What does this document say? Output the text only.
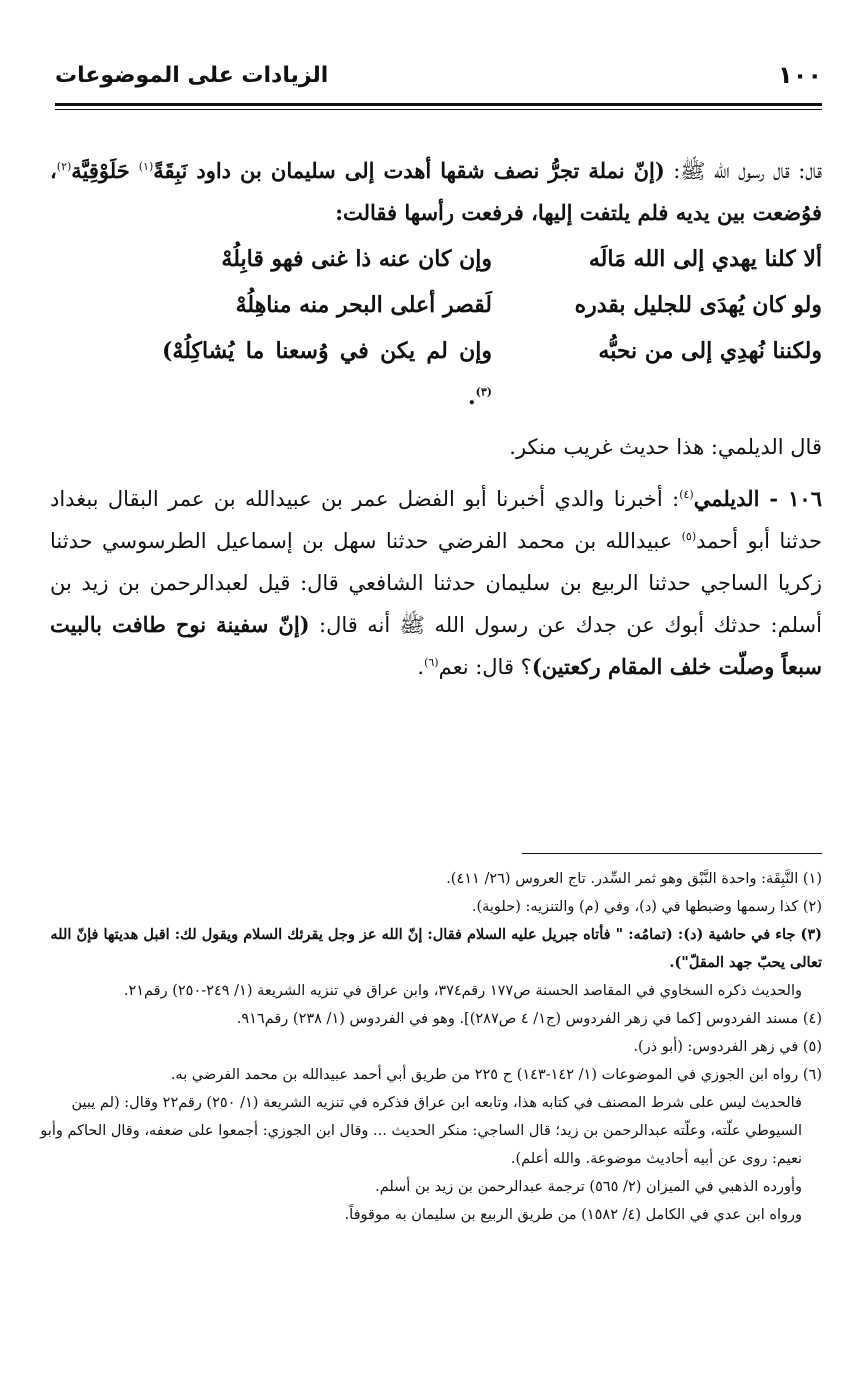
١٠٠
الزيادات على الموضوعات

قال: قال رسول الله ﷺ: (إنّ نملة تجرُّ نصف شقها أهدت إلى سليمان بن داود نَبِقَةً$^{(١)}$ حَلَوْقِيَّة$^{(٢)}$، فوُضعت بين يديه فلم يلتفت إليها، فرفعت رأسها فقالت:

ألا كلنا يهدي إلى الله مَالَه
وإن كان عنه ذا غنى فهو قابِلُهْ
ولو كان يُهدَى للجليل بقدره
لَقصر أعلى البحر منه مناهِلُهْ
ولكننا نُهدِي إلى من نحبُّه
وإن لم يكن في وُسعنا ما يُشاكِلُهْ)$^{(٣)}$.

قال الديلمي: هذا حديث غريب منكر.

١٠٦ - الديلمي$^{(٤)}$: أخبرنا والدي أخبرنا أبو الفضل عمر بن عبيدالله بن عمر البقال ببغداد حدثنا أبو أحمد$^{(٥)}$ عبيدالله بن محمد الفرضي حدثنا سهل بن إسماعيل الطرسوسي حدثنا زكريا الساجي حدثنا الربيع بن سليمان حدثنا الشافعي قال: قيل لعبدالرحمن بن زيد بن أسلم: حدثك أبوك عن جدك عن رسول الله ﷺ أنه قال: (إنّ سفينة نوح طافت بالبيت سبعاً وصلّت خلف المقام ركعتين)؟ قال: نعم$^{(٦)}$.

(١) النَّبِقَة: واحدة النَّبْق وهو ثمر السِّدر. تاج العروس (٢٦/ ٤١١).

(٢) كذا رسمها وضبطها في (د)، وفي (م) والتنزيه: (حلوية).

(٣) جاء في حاشية (د): (تمامُه: " فأتاه جبريل عليه السلام فقال: إنّ الله عز وجل يقرئك السلام ويقول لك: اقبل هديتها فإنّ الله تعالى يحبّ جهد المقلّ").

والحديث ذكره السخاوي في المقاصد الحسنة ص١٧٧ رقم٣٧٤، وابن عراق في تنزيه الشريعة (١/ ٢٤٩-٢٥٠) رقم٢١.

(٤) مسند الفردوس [كما في زهر الفردوس (ج١/ ٤ ص٢٨٧)]. وهو في الفردوس (١/ ٢٣٨) رقم٩١٦.

(٥) في زهر الفردوس: (أبو ذر).

(٦) رواه ابن الجوزي في الموضوعات (١/ ١٤٢-١٤٣) ح ٢٢٥ من طريق أبي أحمد عبيدالله بن محمد الفرضي به.

فالحديث ليس على شرط المصنف في كتابه هذا، وتابعه ابن عراق فذكره في تنزيه الشريعة (١/ ٢٥٠) رقم٢٢ وقال: (لم يبين السيوطي علّته، وعلّته عبدالرحمن بن زيد؛ قال الساجي: منكر الحديث ... وقال ابن الجوزي: أجمعوا على ضعفه، وقال الحاكم وأبو نعيم: روى عن أبيه أحاديث موضوعة. والله أعلم).

وأورده الذهبي في الميزان (٢/ ٥٦٥) ترجمة عبدالرحمن بن زيد بن أسلم.

ورواه ابن عدي في الكامل (٤/ ١٥٨٢) من طريق الربيع بن سليمان به موقوفاً.
